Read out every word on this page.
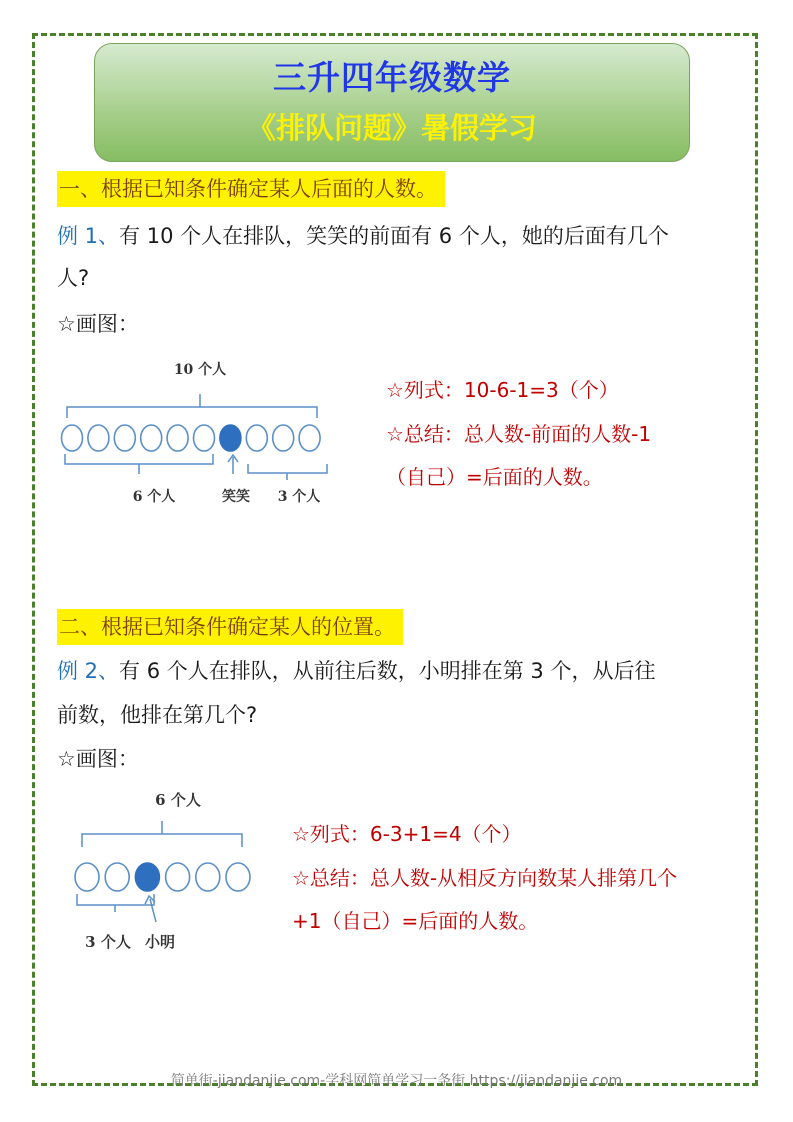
三升四年级数学
《排队问题》暑假学习
一、根据已知条件确定某人后面的人数。
例 1、有 10 个人在排队，笑笑的前面有 6 个人，她的后面有几个
人?
☆画图：
10 个人
6 个人	笑笑 3 个人
☆列式：10-6-1=3（个）
☆总结：总人数-前面的人数-1
（自己）=后面的人数。
二、根据已知条件确定某人的位置。
例 2、有 6 个人在排队，从前往后数，小明排在第 3 个，从后往
前数，他排在第几个?
☆画图：
6 个人
3 个人 小明
☆列式：6-3+1=4（个）
☆总结：总人数-从相反方向数某人排第几个
+1（自己）=后面的人数。
简单街-jiandanjie.com-学科网简单学习一条街 https://jiandanjie.com
